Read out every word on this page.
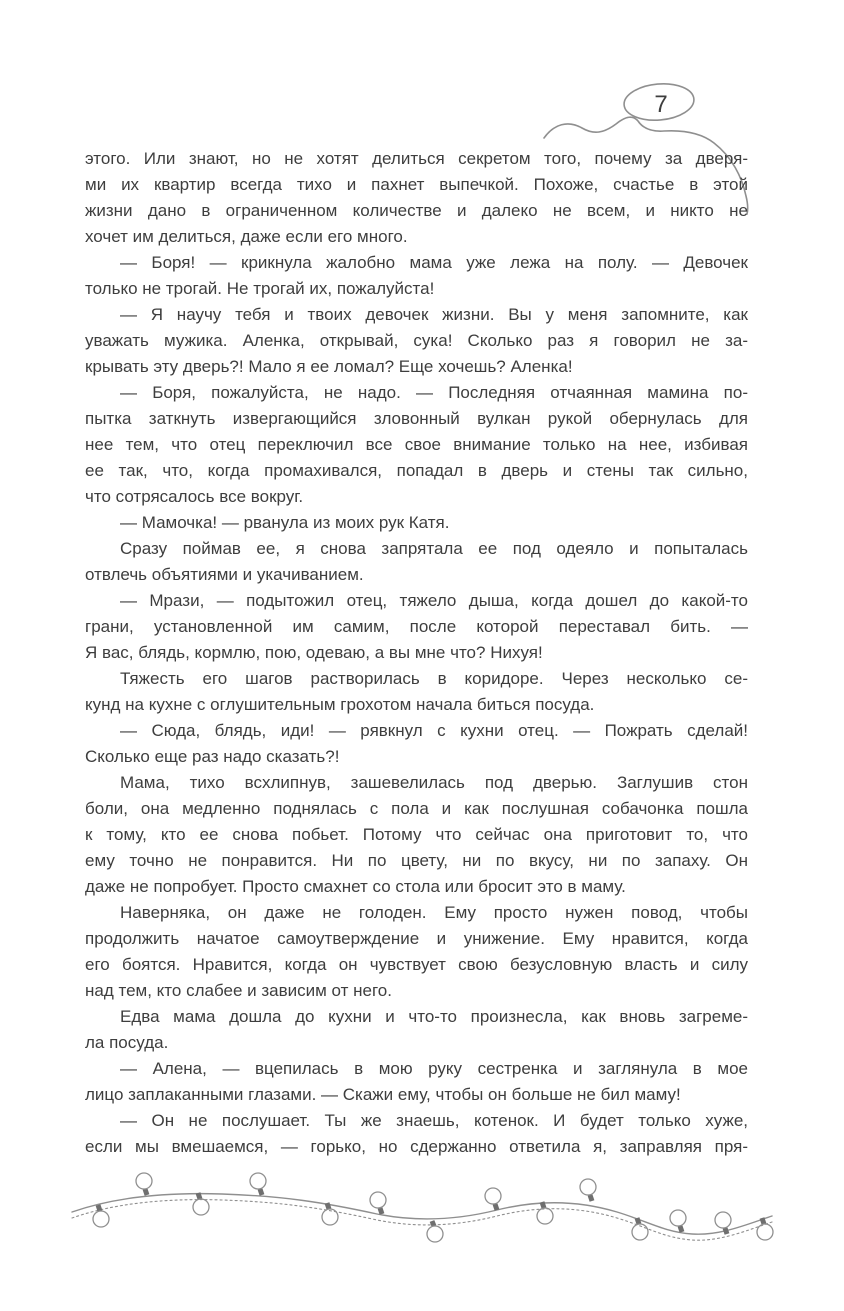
7
этого. Или знают, но не хотят делиться секретом того, почему за дверя-
ми их квартир всегда тихо и пахнет выпечкой. Похоже, счастье в этой
жизни дано в ограниченном количестве и далеко не всем, и никто не
хочет им делиться, даже если его много.
— Боря! — крикнула жалобно мама уже лежа на полу. — Девочек
только не трогай. Не трогай их, пожалуйста!
— Я научу тебя и твоих девочек жизни. Вы у меня запомните, как
уважать мужика. Аленка, открывай, сука! Сколько раз я говорил не за-
крывать эту дверь?! Мало я ее ломал? Еще хочешь? Аленка!
— Боря, пожалуйста, не надо. — Последняя отчаянная мамина по-
пытка заткнуть извергающийся зловонный вулкан рукой обернулась для
нее тем, что отец переключил все свое внимание только на нее, избивая
ее так, что, когда промахивался, попадал в дверь и стены так сильно,
что сотрясалось все вокруг.
— Мамочка! — рванула из моих рук Катя.
Сразу поймав ее, я снова запрятала ее под одеяло и попыталась
отвлечь объятиями и укачиванием.
— Мрази, — подытожил отец, тяжело дыша, когда дошел до какой-то
грани, установленной им самим, после которой переставал бить. —
Я вас, блядь, кормлю, пою, одеваю, а вы мне что? Нихуя!
Тяжесть его шагов растворилась в коридоре. Через несколько се-
кунд на кухне с оглушительным грохотом начала биться посуда.
— Сюда, блядь, иди! — рявкнул с кухни отец. — Пожрать сделай!
Сколько еще раз надо сказать?!
Мама, тихо всхлипнув, зашевелилась под дверью. Заглушив стон
боли, она медленно поднялась с пола и как послушная собачонка пошла
к тому, кто ее снова побьет. Потому что сейчас она приготовит то, что
ему точно не понравится. Ни по цвету, ни по вкусу, ни по запаху. Он
даже не попробует. Просто смахнет со стола или бросит это в маму.
Наверняка, он даже не голоден. Ему просто нужен повод, чтобы
продолжить начатое самоутверждение и унижение. Ему нравится, когда
его боятся. Нравится, когда он чувствует свою безусловную власть и силу
над тем, кто слабее и зависим от него.
Едва мама дошла до кухни и что-то произнесла, как вновь загреме-
ла посуда.
— Алена, — вцепилась в мою руку сестренка и заглянула в мое
лицо заплаканными глазами. — Скажи ему, чтобы он больше не бил маму!
— Он не послушает. Ты же знаешь, котенок. И будет только хуже,
если мы вмешаемся, — горько, но сдержанно ответила я, заправляя пря-
